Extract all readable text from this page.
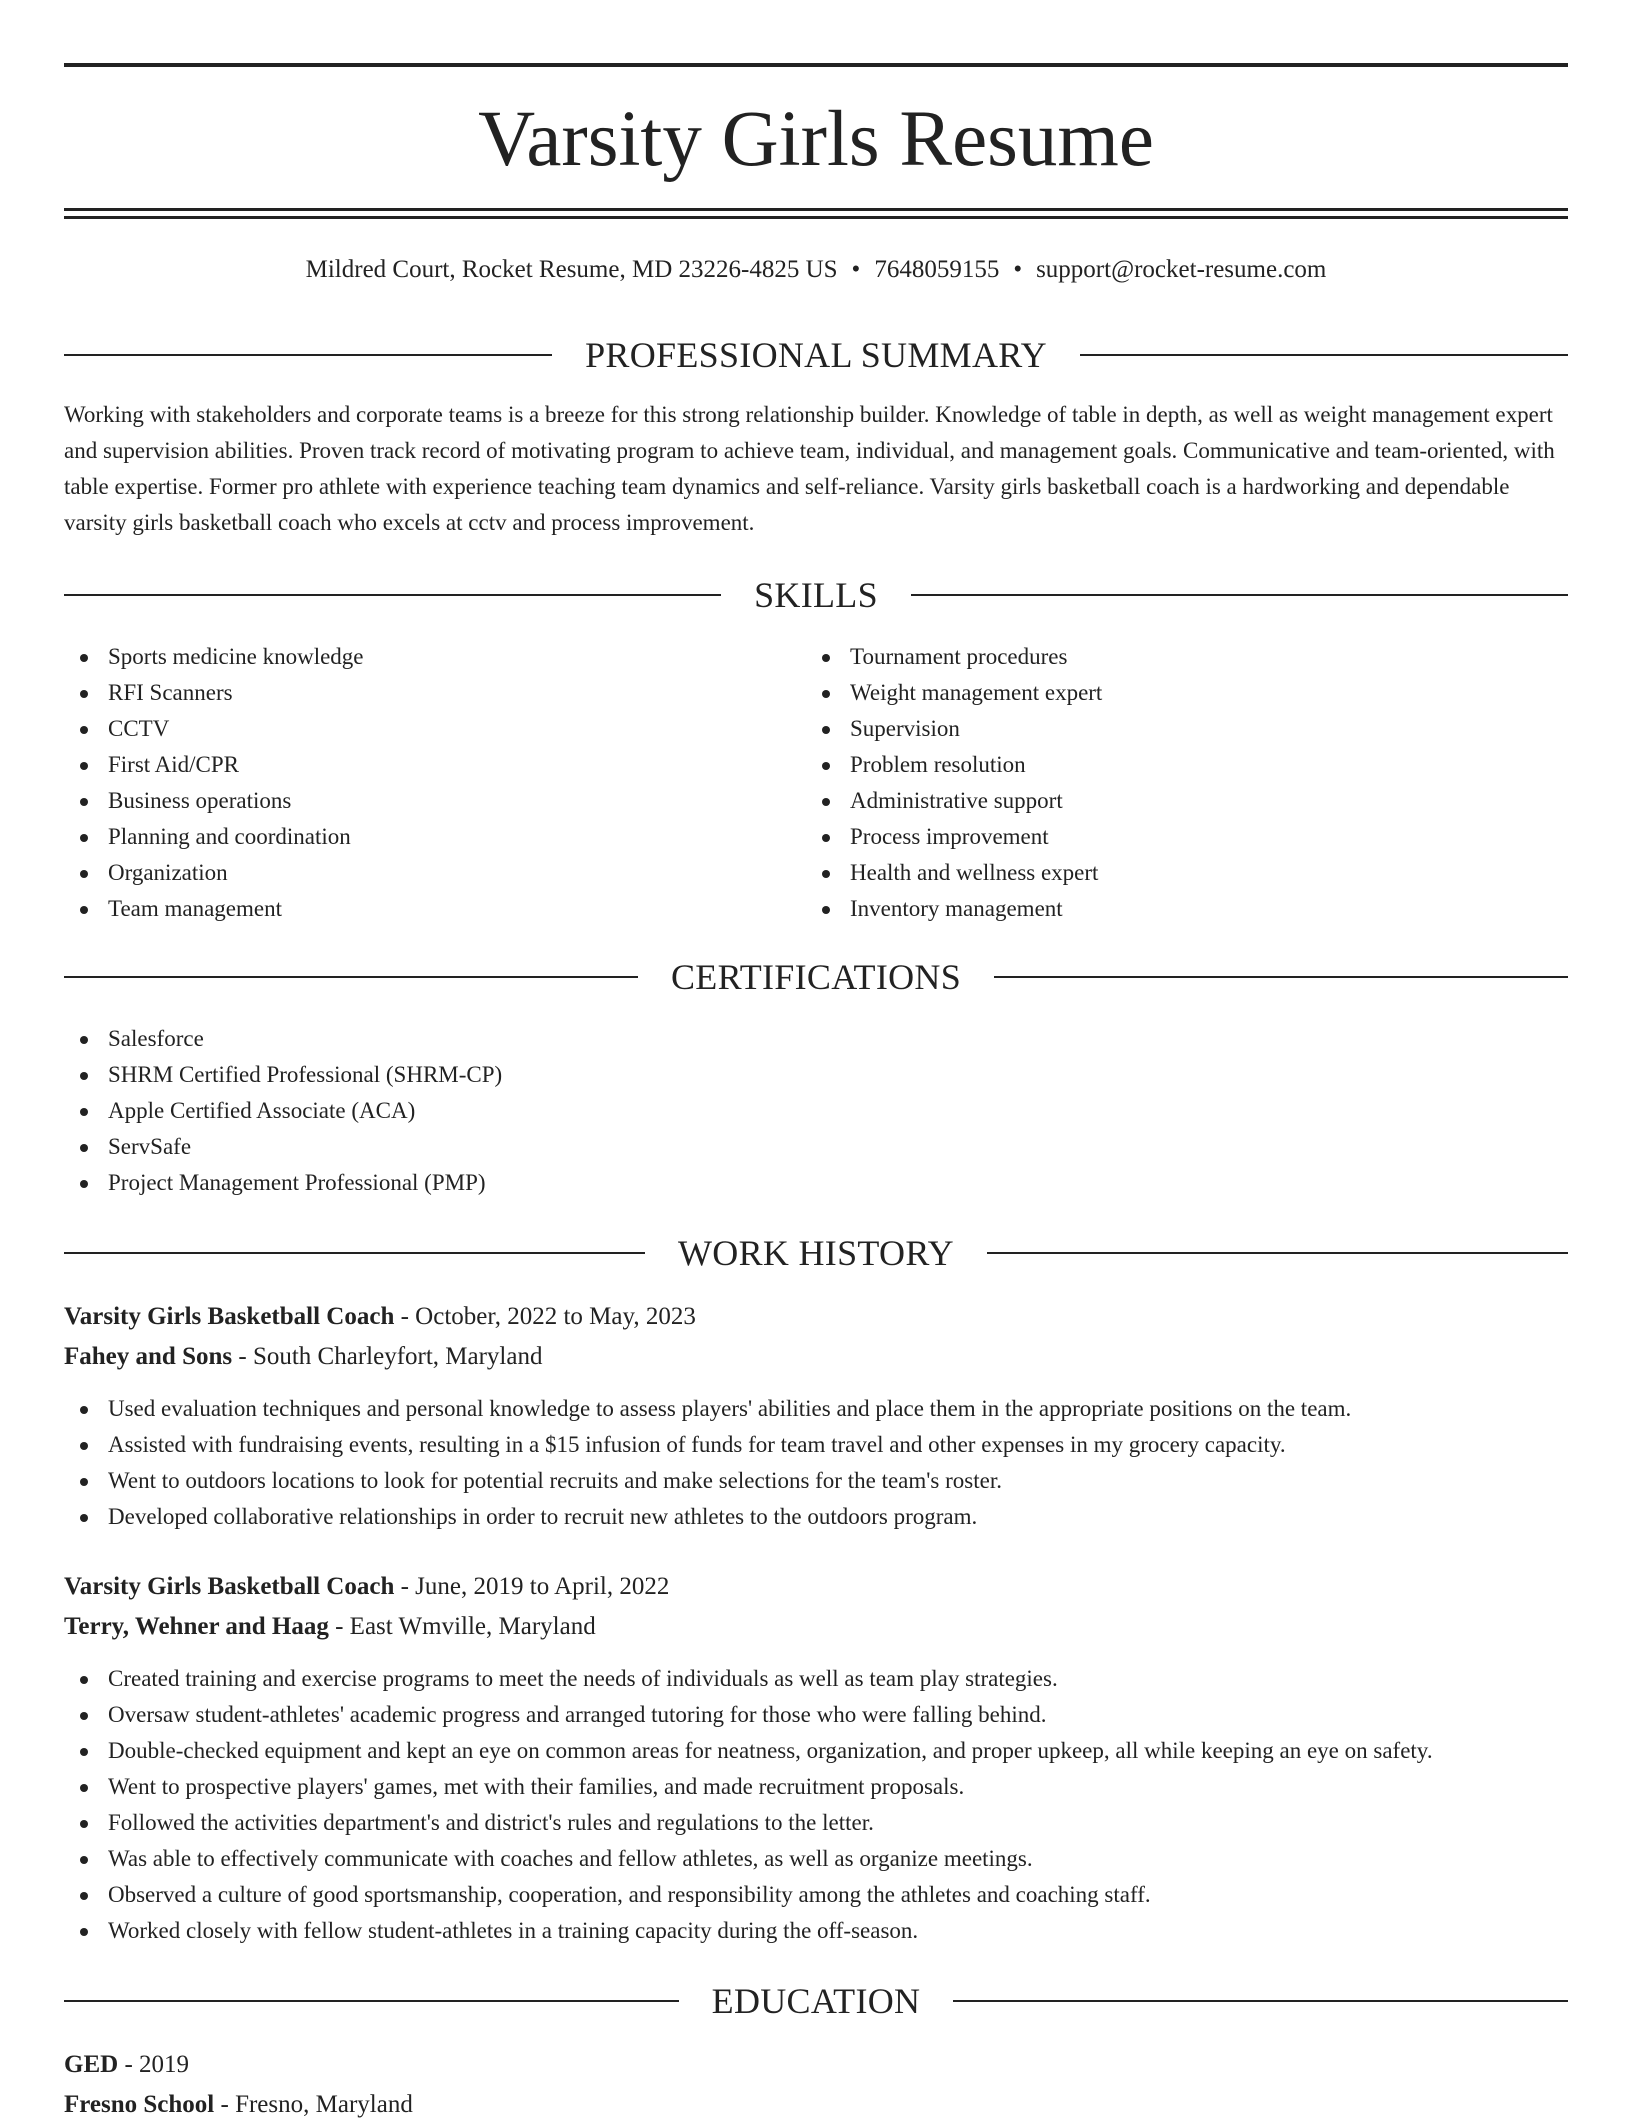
Varsity Girls Resume
Mildred Court, Rocket Resume, MD 23226-4825 US • 7648059155 • support@rocket-resume.com
PROFESSIONAL SUMMARY

Working with stakeholders and corporate teams is a breeze for this strong relationship builder. Knowledge of table in depth, as well as weight management expert and supervision abilities. Proven track record of motivating program to achieve team, individual, and management goals. Communicative and team-oriented, with table expertise. Former pro athlete with experience teaching team dynamics and self-reliance. Varsity girls basketball coach is a hardworking and dependable varsity girls basketball coach who excels at cctv and process improvement.

SKILLS
Sports medicine knowledge
RFI Scanners
CCTV
First Aid/CPR
Business operations
Planning and coordination
Organization
Team management
Tournament procedures
Weight management expert
Supervision
Problem resolution
Administrative support
Process improvement
Health and wellness expert
Inventory management
CERTIFICATIONS
Salesforce
SHRM Certified Professional (SHRM-CP)
Apple Certified Associate (ACA)
ServSafe
Project Management Professional (PMP)
WORK HISTORY
Varsity Girls Basketball Coach - October, 2022 to May, 2023
Fahey and Sons - South Charleyfort, Maryland
Used evaluation techniques and personal knowledge to assess players' abilities and place them in the appropriate positions on the team.
Assisted with fundraising events, resulting in a $15 infusion of funds for team travel and other expenses in my grocery capacity.
Went to outdoors locations to look for potential recruits and make selections for the team's roster.
Developed collaborative relationships in order to recruit new athletes to the outdoors program.
Varsity Girls Basketball Coach - June, 2019 to April, 2022
Terry, Wehner and Haag - East Wmville, Maryland
Created training and exercise programs to meet the needs of individuals as well as team play strategies.
Oversaw student-athletes' academic progress and arranged tutoring for those who were falling behind.
Double-checked equipment and kept an eye on common areas for neatness, organization, and proper upkeep, all while keeping an eye on safety.
Went to prospective players' games, met with their families, and made recruitment proposals.
Followed the activities department's and district's rules and regulations to the letter.
Was able to effectively communicate with coaches and fellow athletes, as well as organize meetings.
Observed a culture of good sportsmanship, cooperation, and responsibility among the athletes and coaching staff.
Worked closely with fellow student-athletes in a training capacity during the off-season.
EDUCATION
GED - 2019
Fresno School - Fresno, Maryland
